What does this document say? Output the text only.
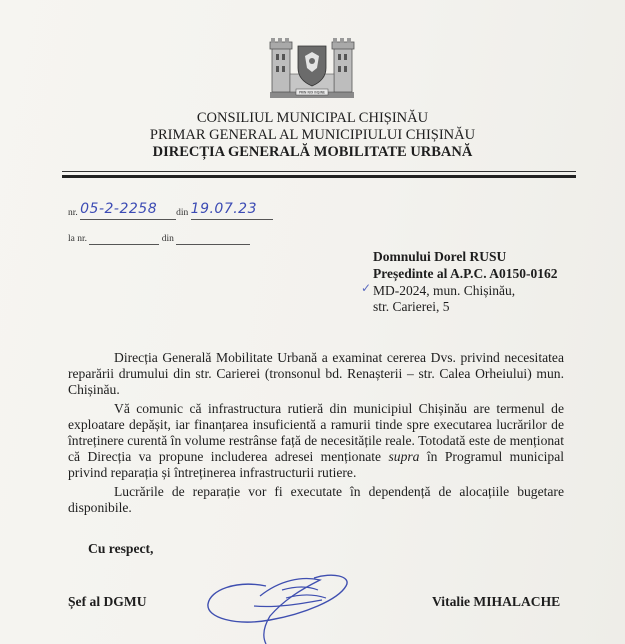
PRIN NOI INȘINE
CONSILIUL MUNICIPAL CHIȘINĂU
PRIMAR GENERAL AL MUNICIPIULUI CHIȘINĂU
DIRECȚIA GENERALĂ MOBILITATE URBANĂ
nr. 05-2-2258 din 19.07.23
la nr.	din
Domnului Dorel RUSU
Președinte al A.P.C. A0150-0162
✓ MD-2024, mun. Chișinău,
str. Carierei, 5
Direcția Generală Mobilitate Urbană a examinat cererea Dvs. privind necesitatea reparării drumului din str. Carierei (tronsonul bd. Renașterii – str. Calea Orheiului) mun. Chișinău.
Vă comunic că infrastructura rutieră din municipiul Chișinău are termenul de exploatare depășit, iar finanțarea insuficientă a ramurii tinde spre executarea lucrărilor de întreținere curentă în volume restrânse față de necesitățile reale. Totodată este de menționat că Direcția va propune includerea adresei menționate supra în Programul municipal privind reparația și întreținerea infrastructurii rutiere.
Lucrările de reparație vor fi executate în dependență de alocațiile bugetare disponibile.
Cu respect,
Șef al DGMU	Vitalie MIHALACHE
